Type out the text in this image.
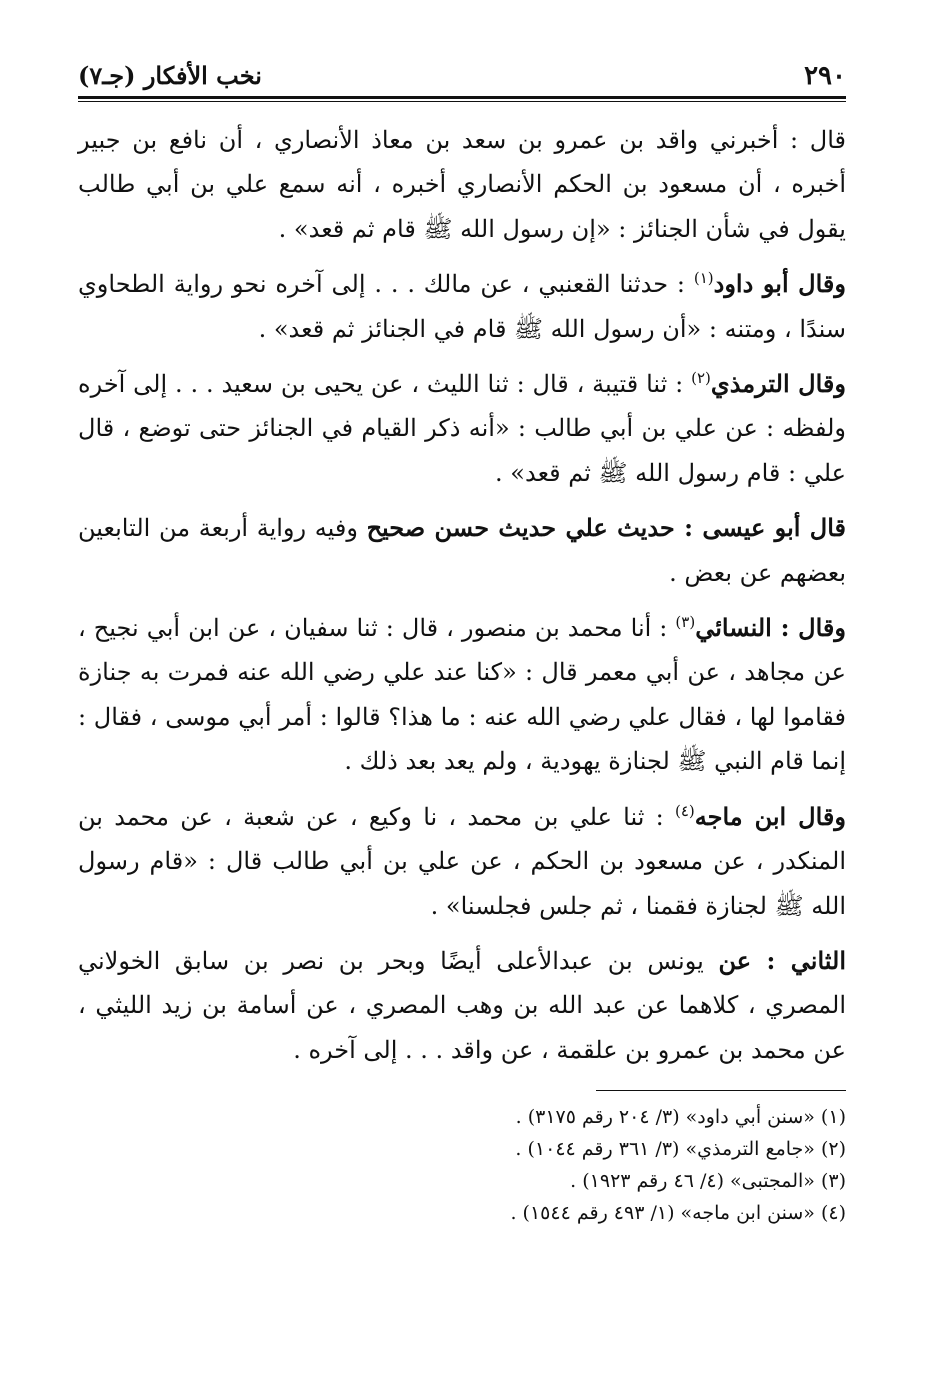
٢٩٠
نخب الأفكار (جـ٧)

قال : أخبرني واقد بن عمرو بن سعد بن معاذ الأنصاري ، أن نافع بن جبير أخبره ، أن مسعود بن الحكم الأنصاري أخبره ، أنه سمع علي بن أبي طالب يقول في شأن الجنائز : «إن رسول الله ﷺ قام ثم قعد» .

وقال أبو داود$^{(١)}$ : حدثنا القعنبي ، عن مالك . . . إلى آخره نحو رواية الطحاوي سندًا ، ومتنه : «أن رسول الله ﷺ قام في الجنائز ثم قعد» .

وقال الترمذي$^{(٢)}$ : ثنا قتيبة ، قال : ثنا الليث ، عن يحيى بن سعيد . . . إلى آخره ولفظه : عن علي بن أبي طالب : «أنه ذكر القيام في الجنائز حتى توضع ، قال علي : قام رسول الله ﷺ ثم قعد» .

قال أبو عيسى : حديث علي حديث حسن صحيح وفيه رواية أربعة من التابعين بعضهم عن بعض .

وقال : النسائي$^{(٣)}$ : أنا محمد بن منصور ، قال : ثنا سفيان ، عن ابن أبي نجيح ، عن مجاهد ، عن أبي معمر قال : «كنا عند علي رضي الله عنه فمرت به جنازة فقاموا لها ، فقال علي رضي الله عنه : ما هذا؟ قالوا : أمر أبي موسى ، فقال : إنما قام النبي ﷺ لجنازة يهودية ، ولم يعد بعد ذلك .

وقال ابن ماجه$^{(٤)}$ : ثنا علي بن محمد ، نا وكيع ، عن شعبة ، عن محمد بن المنكدر ، عن مسعود بن الحكم ، عن علي بن أبي طالب قال : «قام رسول الله ﷺ لجنازة فقمنا ، ثم جلس فجلسنا» .

الثاني : عن يونس بن عبدالأعلى أيضًا وبحر بن نصر بن سابق الخولاني المصري ، كلاهما عن عبد الله بن وهب المصري ، عن أسامة بن زيد الليثي ، عن محمد بن عمرو بن علقمة ، عن واقد . . . إلى آخره .

(١) «سنن أبي داود» (٣/ ٢٠٤ رقم ٣١٧٥) .

(٢) «جامع الترمذي» (٣/ ٣٦١ رقم ١٠٤٤) .

(٣) «المجتبى» (٤/ ٤٦ رقم ١٩٢٣) .

(٤) «سنن ابن ماجه» (١/ ٤٩٣ رقم ١٥٤٤) .
